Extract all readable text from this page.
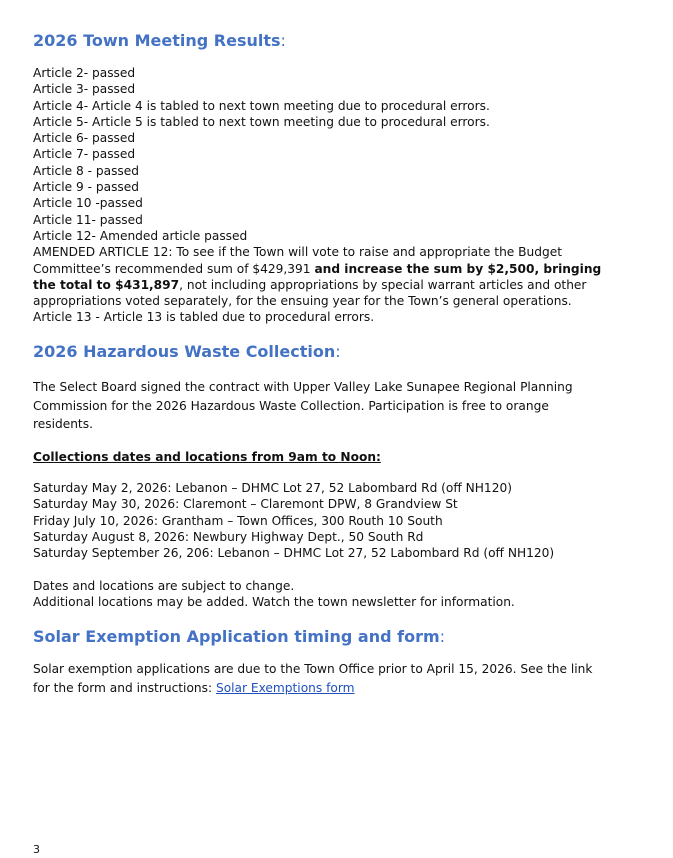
2026 Town Meeting Results:
Article 2- passed
Article 3- passed
Article 4- Article 4 is tabled to next town meeting due to procedural errors.
Article 5- Article 5 is tabled to next town meeting due to procedural errors.
Article 6- passed
Article 7- passed
Article 8 - passed
Article 9 - passed
Article 10 -passed
Article 11- passed
Article 12- Amended article passed
AMENDED ARTICLE 12: To see if the Town will vote to raise and appropriate the Budget Committee’s recommended sum of $429,391 and increase the sum by $2,500, bringing the total to $431,897, not including appropriations by special warrant articles and other appropriations voted separately, for the ensuing year for the Town’s general operations.
Article 13 - Article 13 is tabled due to procedural errors.
2026 Hazardous Waste Collection:
The Select Board signed the contract with Upper Valley Lake Sunapee Regional Planning Commission for the 2026 Hazardous Waste Collection. Participation is free to orange residents.
Collections dates and locations from 9am to Noon:
Saturday May 2, 2026: Lebanon – DHMC Lot 27, 52 Labombard Rd (off NH120)
Saturday May 30, 2026: Claremont – Claremont DPW, 8 Grandview St
Friday July 10, 2026: Grantham – Town Offices, 300 Routh 10 South
Saturday August 8, 2026: Newbury Highway Dept., 50 South Rd
Saturday September 26, 206: Lebanon – DHMC Lot 27, 52 Labombard Rd (off NH120)
Dates and locations are subject to change.
Additional locations may be added. Watch the town newsletter for information.
Solar Exemption Application timing and form:
Solar exemption applications are due to the Town Office prior to April 15, 2026. See the link for the form and instructions: Solar Exemptions form
3
